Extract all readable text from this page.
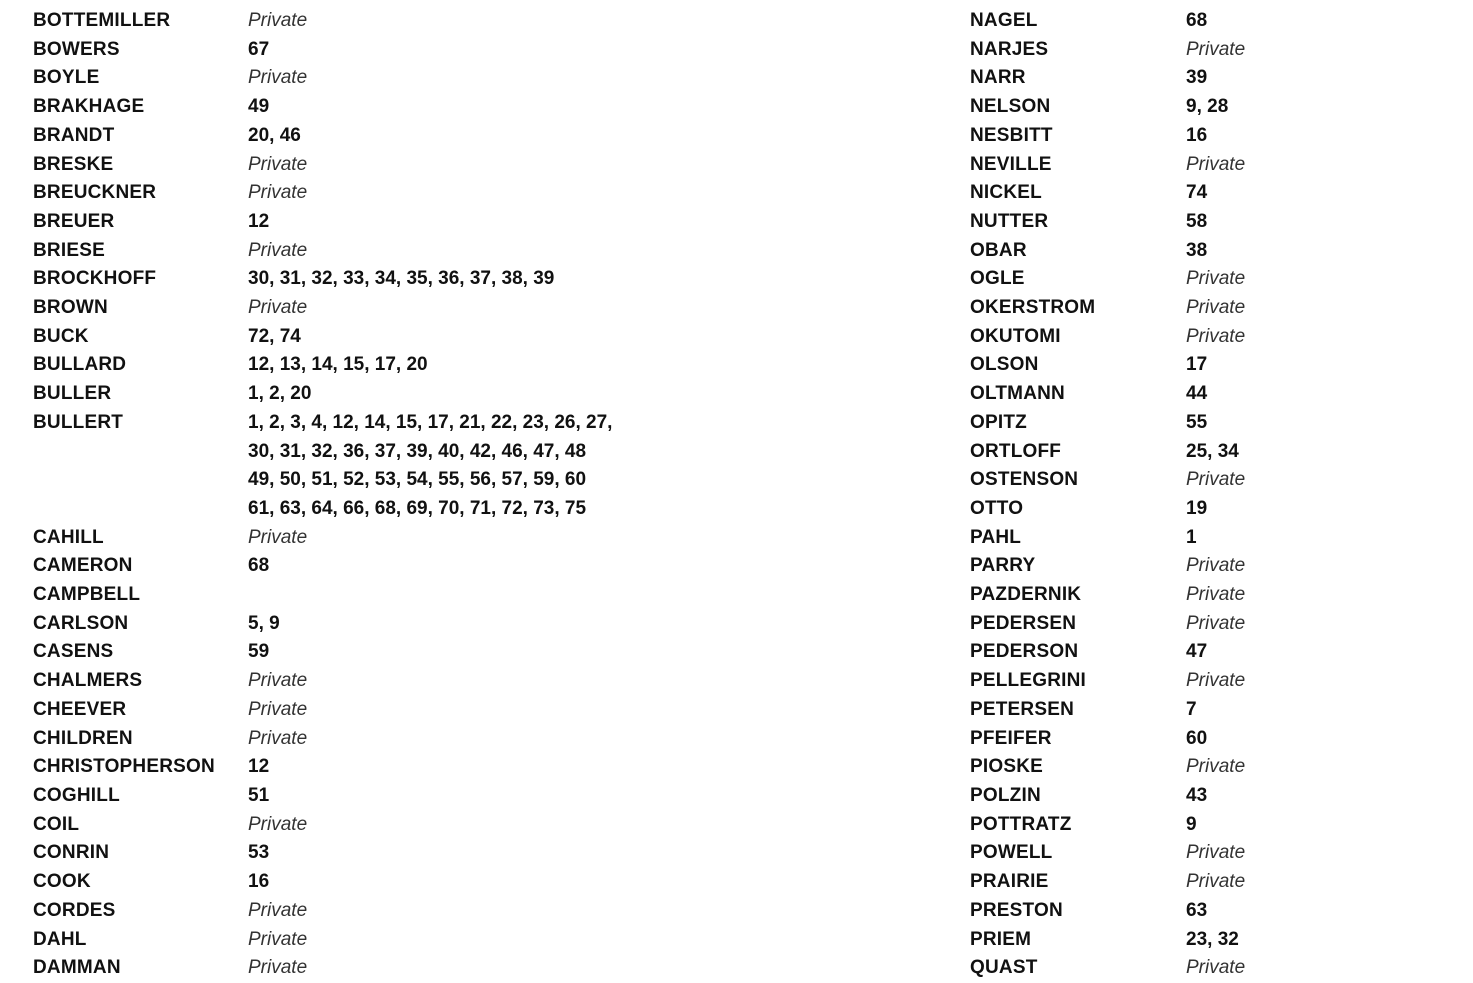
BOTTEMILLER	Private
BOWERS	67
BOYLE	Private
BRAKHAGE	49
BRANDT	20, 46
BRESKE	Private
BREUCKNER	Private
BREUER	12
BRIESE	Private
BROCKHOFF	30, 31, 32, 33, 34, 35, 36, 37, 38, 39
BROWN	Private
BUCK	72, 74
BULLARD	12, 13, 14, 15, 17, 20
BULLER	1, 2, 20
BULLERT	1, 2, 3, 4, 12, 14, 15, 17, 21, 22, 23, 26, 27,
30, 31, 32, 36, 37, 39, 40, 42, 46, 47, 48
49, 50, 51, 52, 53, 54, 55, 56, 57, 59, 60
61, 63, 64, 66, 68, 69, 70, 71, 72, 73, 75
CAHILL	Private
CAMERON	68
CAMPBELL
CARLSON	5, 9
CASENS	59
CHALMERS	Private
CHEEVER	Private
CHILDREN	Private
CHRISTOPHERSON	12
COGHILL	51
COIL	Private
CONRIN	53
COOK	16
CORDES	Private
DAHL	Private
DAMMAN	Private
NAGEL	68
NARJES	Private
NARR	39
NELSON	9, 28
NESBITT	16
NEVILLE	Private
NICKEL	74
NUTTER	58
OBAR	38
OGLE	Private
OKERSTROM	Private
OKUTOMI	Private
OLSON	17
OLTMANN	44
OPITZ	55
ORTLOFF	25, 34
OSTENSON	Private
OTTO	19
PAHL	1
PARRY	Private
PAZDERNIK	Private
PEDERSEN	Private
PEDERSON	47
PELLEGRINI	Private
PETERSEN	7
PFEIFER	60
PIOSKE	Private
POLZIN	43
POTTRATZ	9
POWELL	Private
PRAIRIE	Private
PRESTON	63
PRIEM	23, 32
QUAST	Private
